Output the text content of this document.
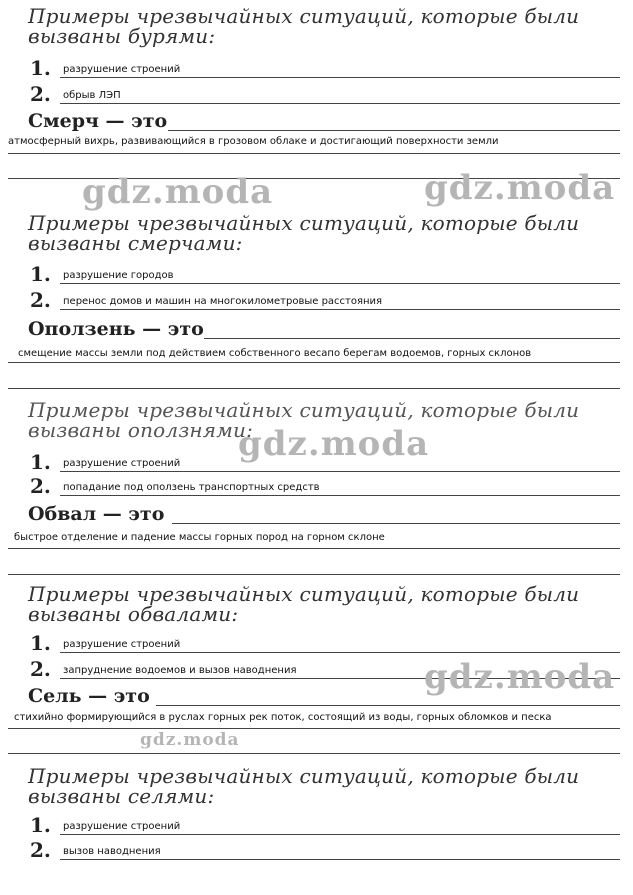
Примеры чрезвычайных ситуаций, которые были вызваны бурями:

1. разрушение строений
2. обрыв ЛЭП
Смерч — это
атмосферный вихрь, развивающийся в грозовом облаке и достигающий поверхности земли
gdz.moda	gdz.moda

Примеры чрезвычайных ситуаций, которые были вызваны смерчами:

1. разрушение городов
2. перенос домов и машин на многокилометровые расстояния
Оползень — это
смещение массы земли под действием собственного весапо берегам водоемов, горных склонов

Примеры чрезвычайных ситуаций, которые были вызваны оползнями:

gdz.moda
1. разрушение строений
2. попадание под оползень транспортных средств
Обвал — это
быстрое отделение и падение массы горных пород на горном склоне

Примеры чрезвычайных ситуаций, которые были вызваны обвалами:

1. разрушение строений
2. запруднение водоемов и вызов наводнения	gdz.moda
Сель — это
стихийно формирующийся в руслах горных рек поток, состоящий из воды, горных обломков и песка
gdz.moda

Примеры чрезвычайных ситуаций, которые были вызваны селями:

1. разрушение строений
2. вызов наводнения
